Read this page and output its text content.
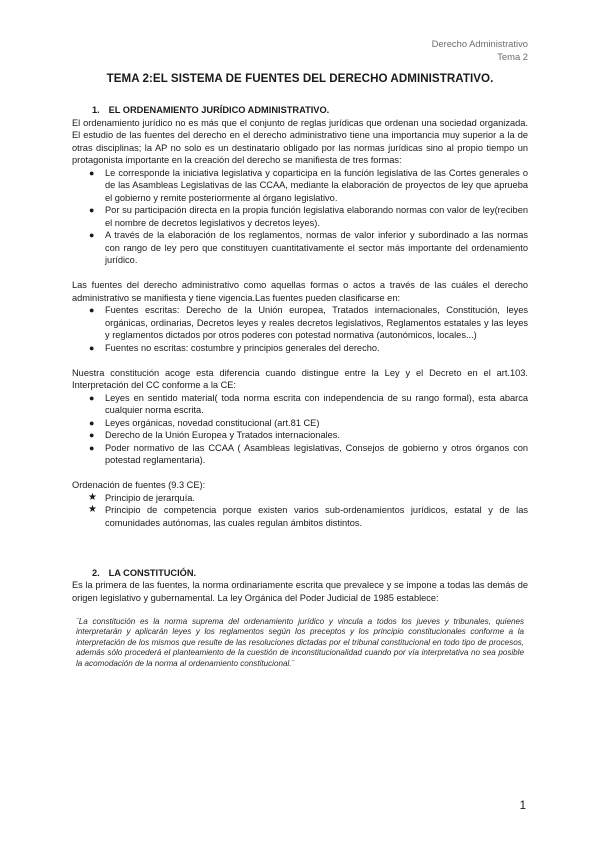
Derecho Administrativo
Tema 2
TEMA 2:EL SISTEMA DE FUENTES DEL DERECHO ADMINISTRATIVO.
1. EL ORDENAMIENTO JURÍDICO ADMINISTRATIVO.

El ordenamiento jurídico no es más que el conjunto de reglas jurídicas que ordenan una sociedad organizada. El estudio de las fuentes del derecho en el derecho administrativo tiene una importancia muy superior a la de otras disciplinas; la AP no solo es un destinatario obligado por las normas jurídicas sino al propio tiempo un protagonista importante en la creación del derecho se manifiesta de tres formas:

● Le corresponde la iniciativa legislativa y coparticipa en la función legislativa de las Cortes generales o de las Asambleas Legislativas de las CCAA, mediante la elaboración de proyectos de ley que aprueba el gobierno y remite posteriormente al órgano legislativo.
● Por su participación directa en la propia función legislativa elaborando normas con valor de ley(reciben el nombre de decretos legislativos y decretos leyes).
● A través de la elaboración de los reglamentos, normas de valor inferior y subordinado a las normas con rango de ley pero que constituyen cuantitativamente el sector más importante del ordenamiento jurídico.

Las fuentes del derecho administrativo como aquellas formas o actos a través de las cuáles el derecho administrativo se manifiesta y tiene vigencia.Las fuentes pueden clasificarse en:

● Fuentes escritas: Derecho de la Unión europea, Tratados internacionales, Constitución, leyes orgánicas, ordinarias, Decretos leyes y reales decretos legislativos, Reglamentos estatales y las leyes y reglamentos dictados por otros poderes con potestad normativa (autonómicos, locales...)
● Fuentes no escritas: costumbre y principios generales del derecho.

Nuestra constitución acoge esta diferencia cuando distingue entre la Ley y el Decreto en el art.103. Interpretación del CC conforme a la CE:

● Leyes en sentido material( toda norma escrita con independencia de su rango formal), esta abarca cualquier norma escrita.
● Leyes orgánicas, novedad constitucional (art.81 CE)
● Derecho de la Unión Europea y Tratados internacionales.
● Poder normativo de las CCAA ( Asambleas legislativas, Consejos de gobierno y otros órganos con potestad reglamentaria).

Ordenación de fuentes (9.3 CE):

★ Principio de jerarquía.
★ Principio de competencia porque existen varios sub-ordenamientos jurídicos, estatal y de las comunidades autónomas, las cuales regulan ámbitos distintos.
2. LA CONSTITUCIÓN.

Es la primera de las fuentes, la norma ordinariamente escrita que prevalece y se impone a todas las demás de origen legislativo y gubernamental. La ley Orgánica del Poder Judicial de 1985 establece:

¨La constitución es la norma suprema del ordenamiento jurídico y vincula a todos los jueves y tribunales, quienes interpretarán y aplicarán leyes y los reglamentos según los preceptos y los principio constitucionales conforme a la interpretación de los mismos que resulte de las resoluciones dictadas por el tribunal constitucional en todo tipo de procesos, además sólo procederá el planteamiento de la cuestión de inconstitucionalidad cuando por vía interpretativa no sea posible la acomodación de la norma al ordenamiento constitucional.¨

1
